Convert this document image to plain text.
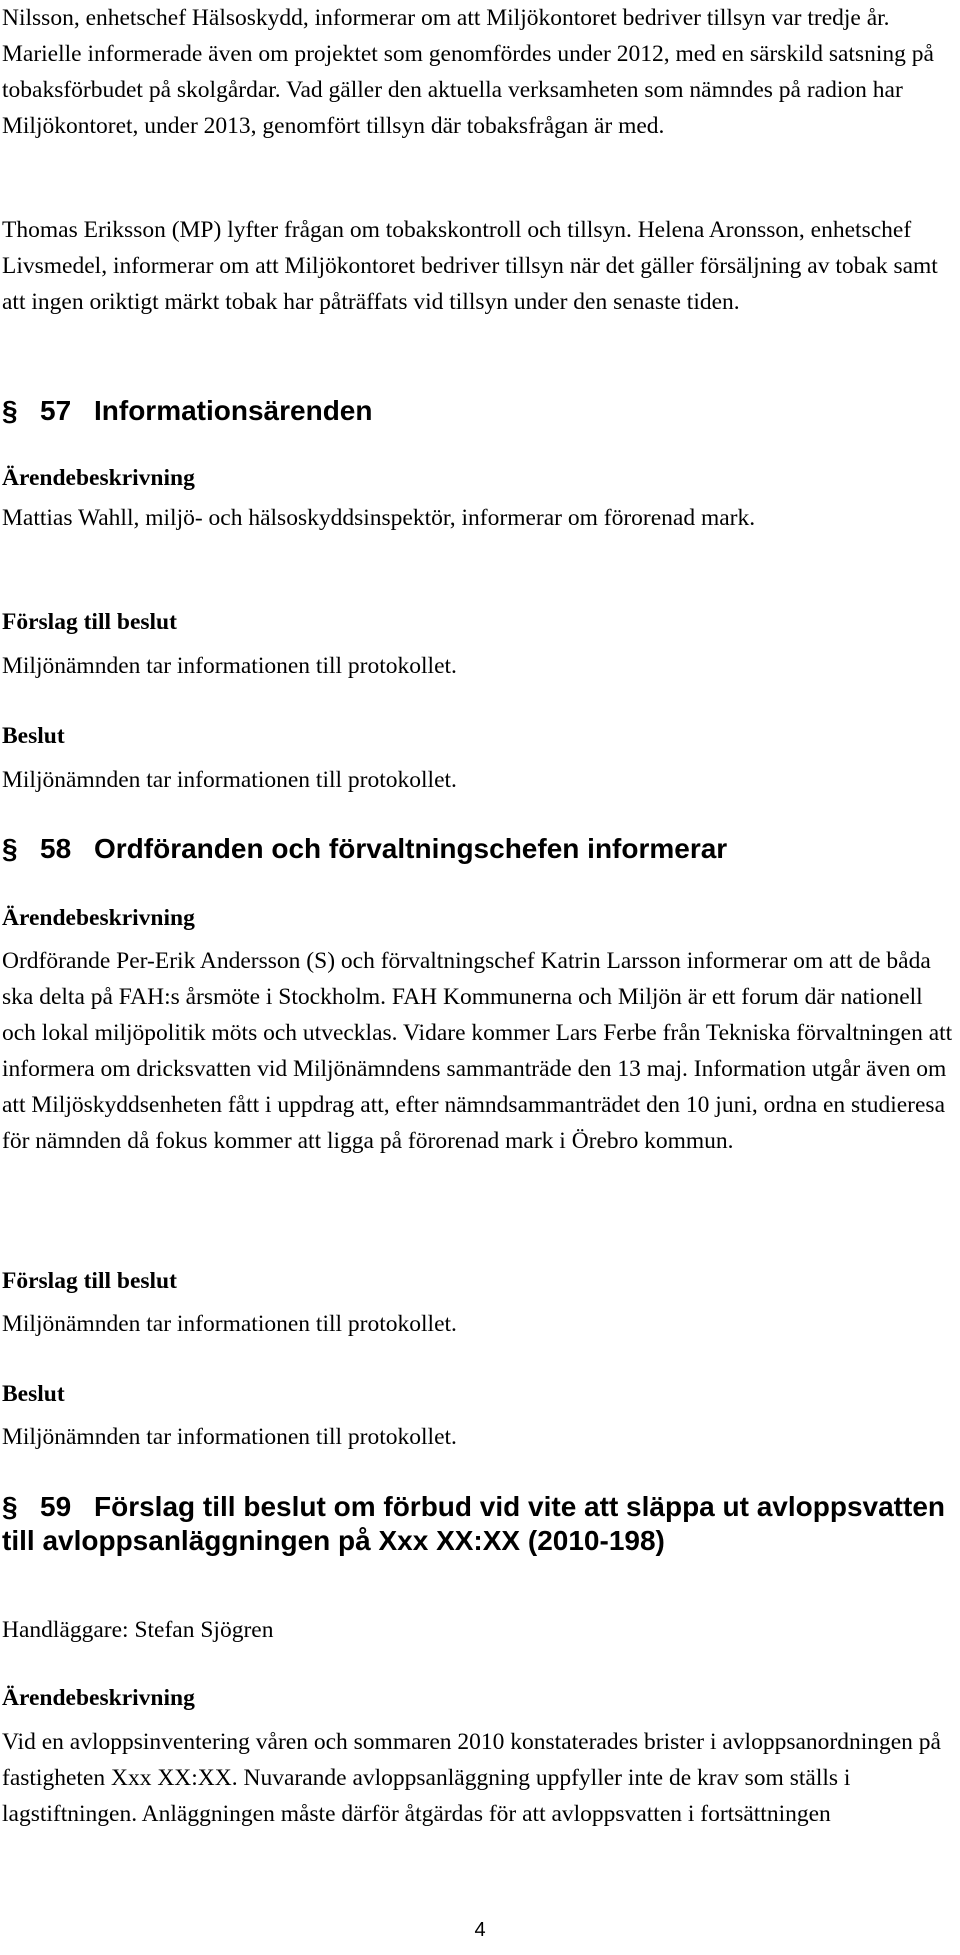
Nilsson, enhetschef Hälsoskydd, informerar om att Miljökontoret bedriver tillsyn var tredje år. Marielle informerade även om projektet som genomfördes under 2012, med en särskild satsning på tobaksförbudet på skolgårdar. Vad gäller den aktuella verksamheten som nämndes på radion har Miljökontoret, under 2013, genomfört tillsyn där tobaksfrågan är med.

Thomas Eriksson (MP) lyfter frågan om tobakskontroll och tillsyn. Helena Aronsson, enhetschef Livsmedel, informerar om att Miljökontoret bedriver tillsyn när det gäller försäljning av tobak samt att ingen oriktigt märkt tobak har påträffats vid tillsyn under den senaste tiden.

§ 57 Informationsärenden
Ärendebeskrivning

Mattias Wahll, miljö- och hälsoskyddsinspektör, informerar om förorenad mark.

Förslag till beslut

Miljönämnden tar informationen till protokollet.

Beslut

Miljönämnden tar informationen till protokollet.

§ 58 Ordföranden och förvaltningschefen informerar
Ärendebeskrivning

Ordförande Per-Erik Andersson (S) och förvaltningschef Katrin Larsson informerar om att de båda ska delta på FAH:s årsmöte i Stockholm. FAH Kommunerna och Miljön är ett forum där nationell och lokal miljöpolitik möts och utvecklas. Vidare kommer Lars Ferbe från Tekniska förvaltningen att informera om dricksvatten vid Miljönämndens sammanträde den 13 maj. Information utgår även om att Miljöskyddsenheten fått i uppdrag att, efter nämndsammanträdet den 10 juni, ordna en studieresa för nämnden då fokus kommer att ligga på förorenad mark i Örebro kommun.

Förslag till beslut

Miljönämnden tar informationen till protokollet.

Beslut

Miljönämnden tar informationen till protokollet.

§ 59 Förslag till beslut om förbud vid vite att släppa ut avloppsvatten till avloppsanläggningen på Xxx XX:XX (2010-198)

Handläggare: Stefan Sjögren

Ärendebeskrivning

Vid en avloppsinventering våren och sommaren 2010 konstaterades brister i avloppsanordningen på fastigheten Xxx XX:XX. Nuvarande avloppsanläggning uppfyller inte de krav som ställs i lagstiftningen. Anläggningen måste därför åtgärdas för att avloppsvatten i fortsättningen

4
